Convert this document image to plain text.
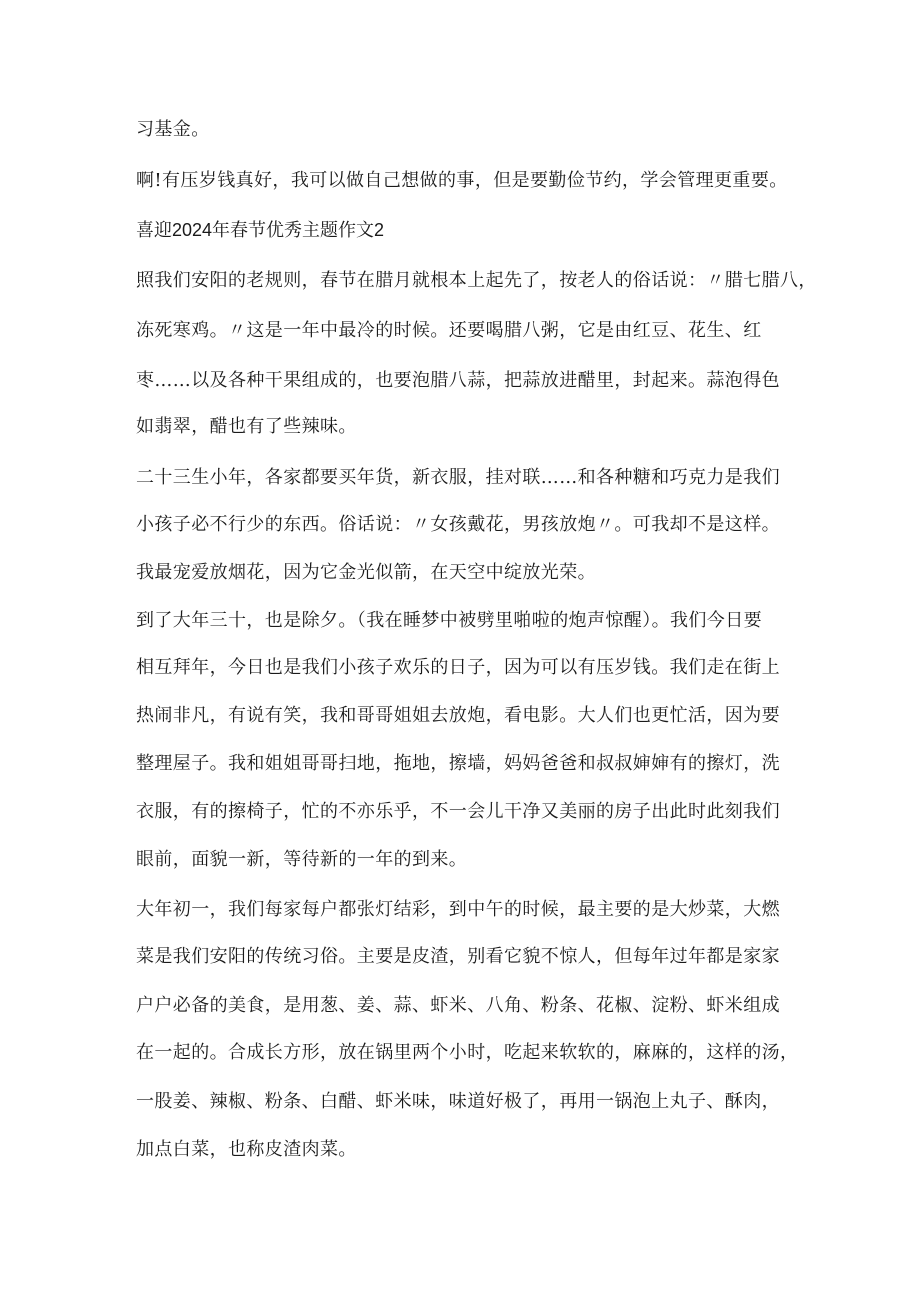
习基金。
啊!有压岁钱真好，我可以做自己想做的事，但是要勤俭节约，学会管理更重要。
喜迎2024年春节优秀主题作文2
照我们安阳的老规则，春节在腊月就根本上起先了，按老人的俗话说：〃腊七腊八，
冻死寒鸡。〃这是一年中最冷的时候。还要喝腊八粥，它是由红豆、花生、红
枣……以及各种干果组成的，也要泡腊八蒜，把蒜放进醋里，封起来。蒜泡得色
如翡翠，醋也有了些辣味。
二十三生小年，各家都要买年货，新衣服，挂对联……和各种糖和巧克力是我们
小孩子必不行少的东西。俗话说：〃女孩戴花，男孩放炮〃。可我却不是这样。
我最宠爱放烟花，因为它金光似箭，在天空中绽放光荣。
到了大年三十，也是除夕。（我在睡梦中被劈里啪啦的炮声惊醒）。我们今日要
相互拜年，今日也是我们小孩子欢乐的日子，因为可以有压岁钱。我们走在街上
热闹非凡，有说有笑，我和哥哥姐姐去放炮，看电影。大人们也更忙活，因为要
整理屋子。我和姐姐哥哥扫地，拖地，擦墙，妈妈爸爸和叔叔婶婶有的擦灯，洗
衣服，有的擦椅子，忙的不亦乐乎，不一会儿干净又美丽的房子出此时此刻我们
眼前，面貌一新，等待新的一年的到来。
大年初一，我们每家每户都张灯结彩，到中午的时候，最主要的是大炒菜，大燃
菜是我们安阳的传统习俗。主要是皮渣，别看它貌不惊人，但每年过年都是家家
户户必备的美食，是用葱、姜、蒜、虾米、八角、粉条、花椒、淀粉、虾米组成
在一起的。合成长方形，放在锅里两个小时，吃起来软软的，麻麻的，这样的汤，
一股姜、辣椒、粉条、白醋、虾米味，味道好极了，再用一锅泡上丸子、酥肉，
加点白菜，也称皮渣肉菜。
